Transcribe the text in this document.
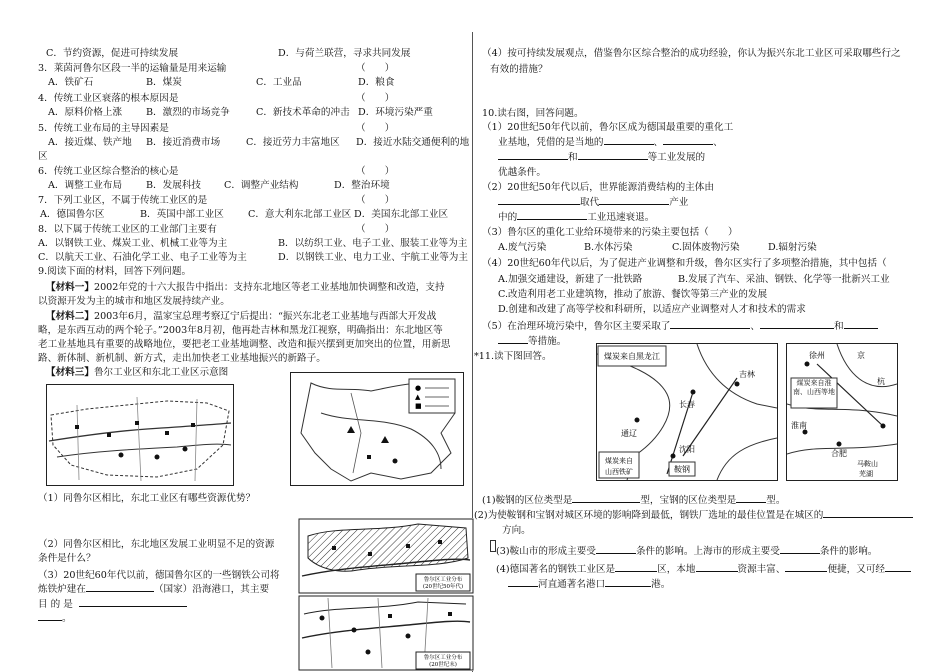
C．节约资源，促进可持续发展	D．与荷兰联营，寻求共同发展
3．莱茵河鲁尔区段一半的运输量是用来运输	（　　）
A．铁矿石	B．煤炭	C．工业品	D．粮食
4．传统工业区衰落的根本原因是	（　　）
A．原料价格上涨 B．激烈的市场竞争	C．新技术革命的冲击 D．环境污染严重
5．传统工业布局的主导因素是	（　　）
A．接近煤、铁产地 B．接近消费市场	C．接近劳力丰富地区 D．接近水陆交通便利的地
区
6．传统工业区综合整治的核心是	（　　）
A．调整工业布局 B．发展科技 C．调整产业结构	D．整治环境
7．下列工业区，不属于传统工业区的是	（　　）
A．德国鲁尔区	B．英国中部工业区	C．意大利东北部工业区 D．美国东北部工业区
8．以下属于传统工业区的工业部门主要有	（　　）
A．以钢铁工业、煤炭工业、机械工业等为主	B．以纺织工业、电子工业、服装工业等为主
C．以航天工业、石油化学工业、电子工业等为主	D．以钢铁工业、电力工业、宇航工业等为主
9.阅读下面的材料，回答下列问题。
【材料一】2002年党的十六大报告中指出：支持东北地区等老工业基地加快调整和改造，支持
以资源开发为主的城市和地区发展持续产业。
【材料二】2003年6月，温家宝总理考察辽宁后提出：“振兴东北老工业基地与西部大开发战
略，是东西互动的两个轮子。”2003年8月初，他再赴吉林和黑龙江视察，明确指出：东北地区等
老工业基地具有重要的战略地位，要把老工业基地调整、改造和振兴摆到更加突出的位置，用新思
路、新体制、新机制、新方式，走出加快老工业基地振兴的新路子。
【材料三】鲁尔工业区和东北工业区示意图
●
▲
■
（1）同鲁尔区相比，东北工业区有哪些资源优势？
（2）同鲁尔区相比，东北地区发展工业明显不足的资源
条件是什么？
（3）20世纪60年代以前，德国鲁尔区的一些钢铁公司将
炼铁炉建在	（国家）沿海港口，其主要
目 的 是
。
鲁尔区工业分布(20世纪50年代)
鲁尔区工业分布(20世纪末)
（4）按可持续发展观点，借鉴鲁尔区综合整治的成功经验，你认为振兴东北工业区可采取哪些行之
有效的措施？
10.读右图，回答问题。
（1）20世纪50年代以前，鲁尔区成为德国最重要的重化工
业基地，凭借的是当地的	、	、
和	等工业发展的
优越条件。
（2）20世纪50年代以后，世界能源消费结构的主体由
取代	产业
中的	工业迅速衰退。
（3）鲁尔区的重化工业给环境带来的污染主要包括（　　）
A.废气污染	B.水体污染	C.固体废物污染	D.辐射污染
（4）20世纪60年代以后，为了促进产业调整和升级，鲁尔区实行了多项整治措施，其中包括（
A.加强交通建设，新建了一批铁路	B.发展了汽车、采油、钢铁、化学等一批新兴工业
C.改造利用老工业建筑物，推动了旅游、餐饮等第三产业的发展
D.创建和改建了高等学校和科研所，以适应产业调整对人才和技术的需求
（5）在治理环境污染中，鲁尔区主要采取了	、	和
等措施。
*11.读下图回答。	煤炭来自黑龙江
长春
吉林
通辽
沈阳
煤炭来自
山西铁矿	鞍钢
徐州	京
杭
煤炭来自淮南、山西等地
淮南
合肥
马鞍山
芜湖
(1)鞍钢的区位类型是	型，宝钢的区位类型是	型。
(2)为使鞍钢和宝钢对城区环境的影响降到最低，钢铁厂选址的最佳位置是在城区的
方向。
(3)鞍山市的形成主要受	条件的影响。上海市的形成主要受	条件的影响。
(4)德国著名的钢铁工业区是	区，本地	资源丰富、	便捷，又可经
河直通著名港口	港。
